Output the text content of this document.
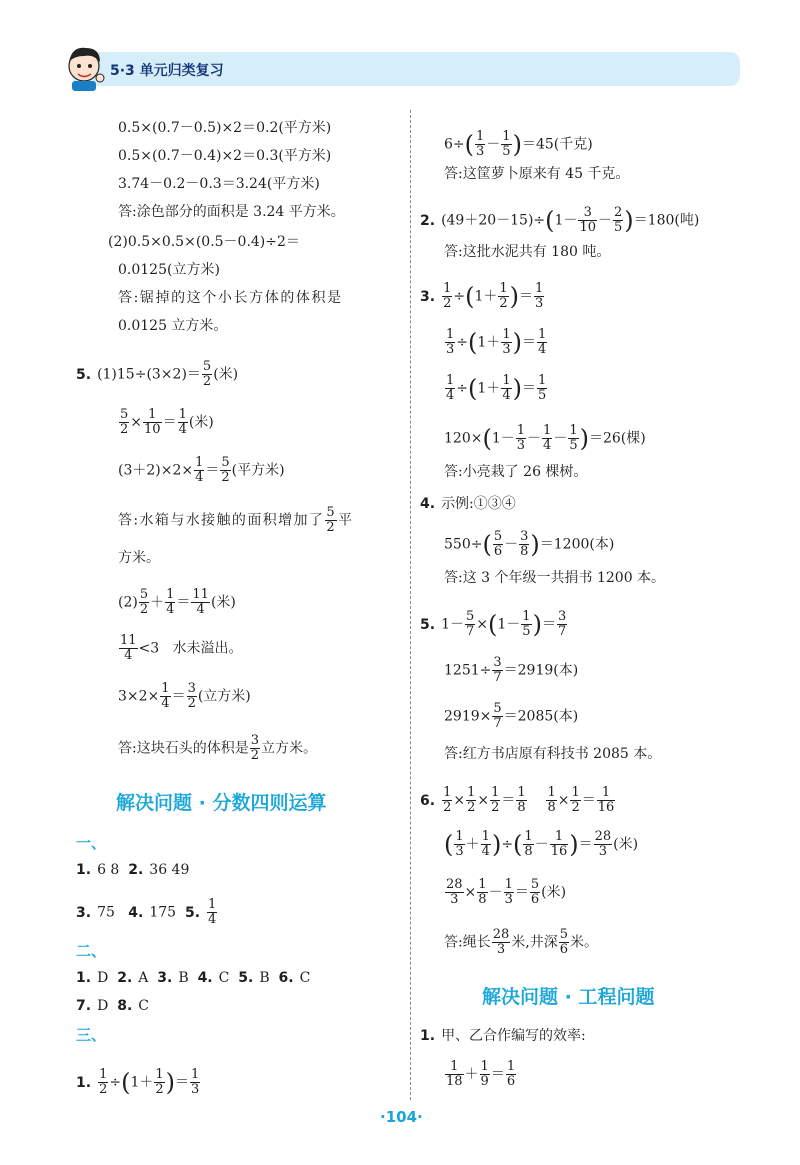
5·3 单元归类复习
0.5×(0.7－0.5)×2＝0.2(平方米)
0.5×(0.7－0.4)×2＝0.3(平方米)
3.74－0.2－0.3＝3.24(平方米)
答:涂色部分的面积是 3.24 平方米。
(2)0.5×0.5×(0.5－0.4)÷2＝
0.0125(立方米)
答:锯掉的这个小长方体的体积是
0.0125 立方米。
5. $(1)15\div(3\times 2)= \frac{5}{2}$ (米)
$\frac{5}{2} \times \frac{1}{10} = \frac{1}{4}$ (米)
$(3+2)\times 2\times \frac{1}{4} = \frac{5}{2}$ (平方米)
答:水箱与水接触的面积增加了 $\frac{5}{2}$ 平
方米。
$(2) \frac{5}{2} + \frac{1}{4} = \frac{11}{4}$ (米)
$\frac{11}{4} <3$ 水未溢出。
$3\times 2\times \frac{1}{4} = \frac{3}{2}$ (立方米)
答:这块石头的体积是 $\frac{3}{2}$ 立方米。
解决问题 · 分数四则运算
一、
1. 6 8 2. 36 49
3. 75 4. 175 5. $\frac{1}{4}$
二、
1. D 2. A 3. B 4. C 5. B 6. C
7. D 8. C
三、
1. $\frac{1}{2} \div(1+ \frac{1}{2}$ )＝ $\frac{1}{3}$
$6\div( \frac{1}{3} - \frac{1}{5} )=45$(千克)
答:这筐萝卜原来有 45 千克。
2. $(49+20-15)\div(1- \frac{3}{10} - \frac{2}{5} )=180$(吨)
答:这批水泥共有 180 吨。
3. $\frac{1}{2} \div(1+ \frac{1}{2}$ )＝ $\frac{1}{3}$
$\frac{1}{3} \div(1+ \frac{1}{3}$ )＝ $\frac{1}{4}$
$\frac{1}{4} \div(1+ \frac{1}{4}$ )＝ $\frac{1}{5}$
$120\times(1- \frac{1}{3} - \frac{1}{4} - \frac{1}{5} )=26$(棵)
答:小亮栽了 26 棵树。
4. 示例:①③④
$550\div( \frac{5}{6} - \frac{3}{8} )=1200$(本)
答:这 3 个年级一共捐书 1200 本。
5. $1- \frac{5}{7} \times(1- \frac{1}{5}$ )＝ $\frac{3}{7}$
$1251\div \frac{3}{7} =2919$(本)
$2919\times \frac{5}{7} =2085$(本)
答:红方书店原有科技书 2085 本。
6. $\frac{1}{2} \times \frac{1}{2} \times \frac{1}{2} = \frac{1}{8}$
$\frac{1}{8} \times \frac{1}{2} = \frac{1}{16}$
( $\frac{1}{3} + \frac{1}{4}$ )÷( $\frac{1}{8} - \frac{1}{16}$ )＝ $\frac{28}{3}$ (米)
$\frac{28}{3} \times \frac{1}{8} - \frac{1}{3} = \frac{5}{6}$ (米)
答:绳长 $\frac{28}{3}$ 米,井深 $\frac{5}{6}$ 米。
解决问题 · 工程问题
1. 甲、乙合作编写的效率:
$\frac{1}{18} + \frac{1}{9} = \frac{1}{6}$
·104·
